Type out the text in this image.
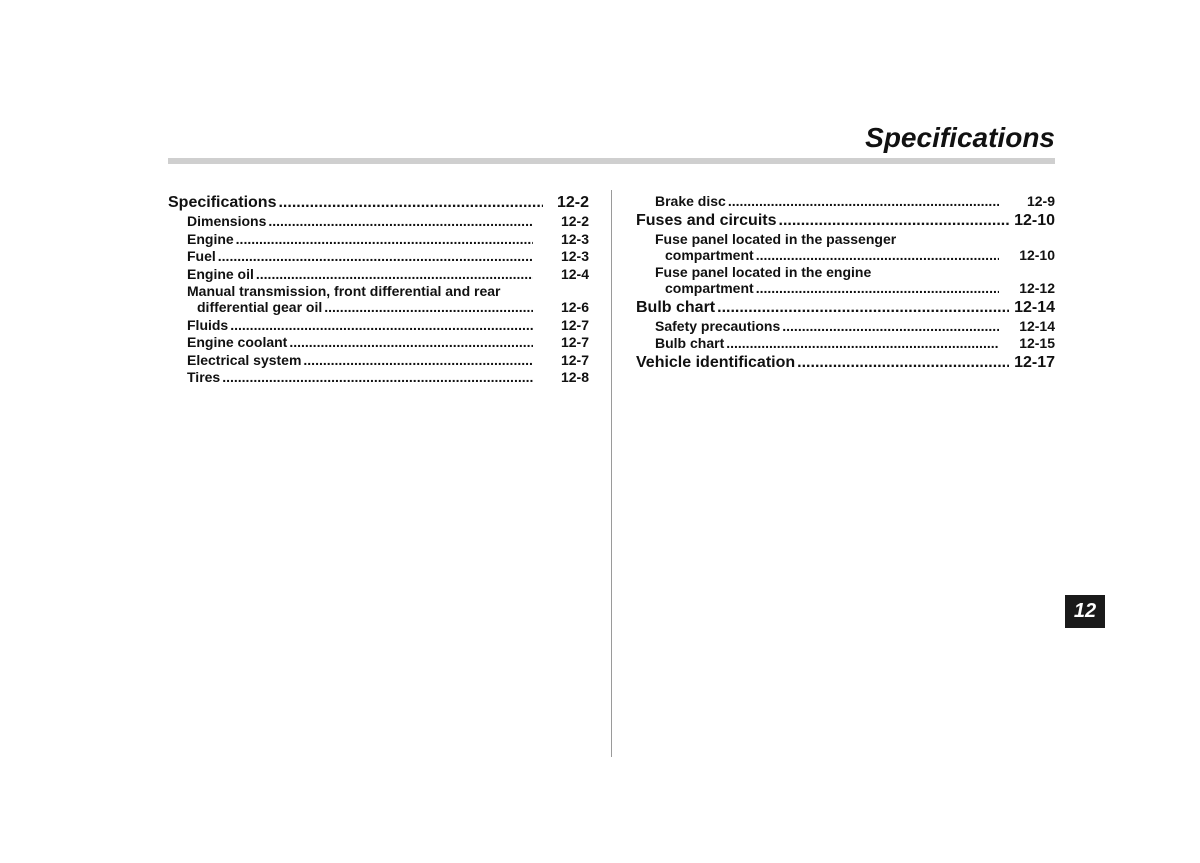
Specifications
Specifications .....	12-2
Dimensions .....	12-2
Engine .....	12-3
Fuel .....	12-3
Engine oil .....	12-4
Manual transmission, front differential and rear
differential gear oil .....	12-6
Fluids .....	12-7
Engine coolant .....	12-7
Electrical system .....	12-7
Tires .....	12-8
Brake disc .....	12-9
Fuses and circuits .....	12-10
Fuse panel located in the passenger
compartment .....	12-10
Fuse panel located in the engine
compartment .....	12-12
Bulb chart .....	12-14
Safety precautions .....	12-14
Bulb chart .....	12-15
Vehicle identification .....	12-17
12
